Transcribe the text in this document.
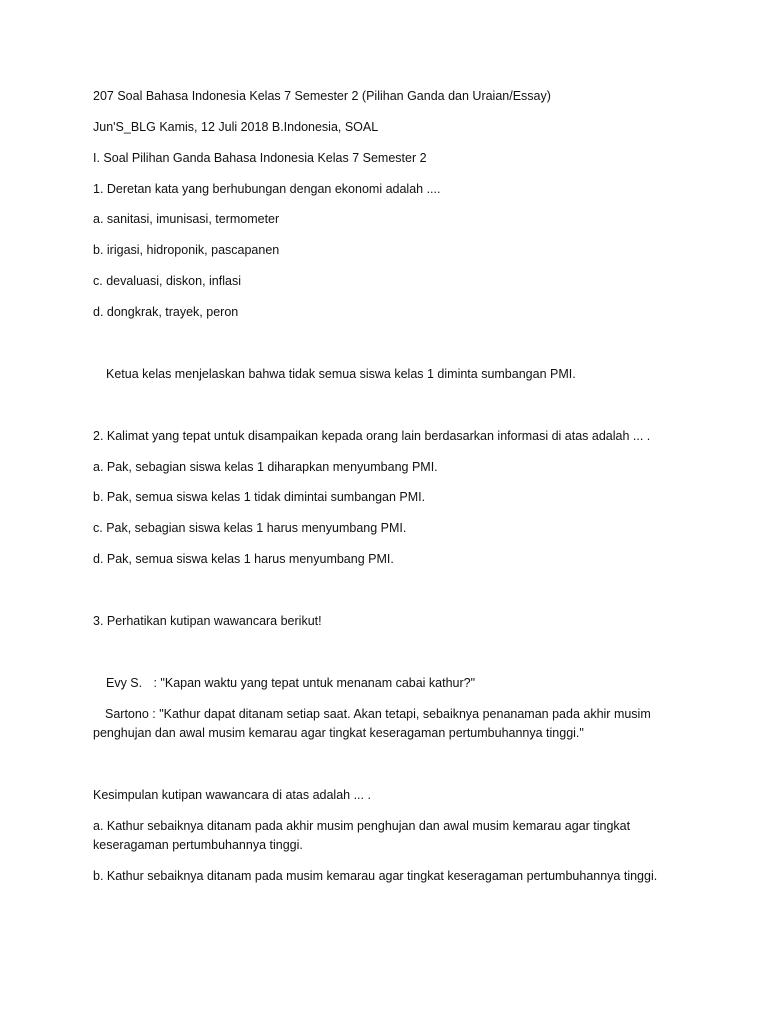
207 Soal Bahasa Indonesia Kelas 7 Semester 2 (Pilihan Ganda dan Uraian/Essay)
Jun'S_BLG Kamis, 12 Juli 2018 B.Indonesia, SOAL
I. Soal Pilihan Ganda Bahasa Indonesia Kelas 7 Semester 2
1. Deretan kata yang berhubungan dengan ekonomi adalah ....
a. sanitasi, imunisasi, termometer
b. irigasi, hidroponik, pascapanen
c. devaluasi, diskon, inflasi
d. dongkrak, trayek, peron
Ketua kelas menjelaskan bahwa tidak semua siswa kelas 1 diminta sumbangan PMI.
2. Kalimat yang tepat untuk disampaikan kepada orang lain berdasarkan informasi di atas adalah ... .
a. Pak, sebagian siswa kelas 1 diharapkan menyumbang PMI.
b. Pak, semua siswa kelas 1 tidak dimintai sumbangan PMI.
c. Pak, sebagian siswa kelas 1 harus menyumbang PMI.
d. Pak, semua siswa kelas 1 harus menyumbang PMI.
3. Perhatikan kutipan wawancara berikut!
Evy S. : "Kapan waktu yang tepat untuk menanam cabai kathur?"
Sartono : "Kathur dapat ditanam setiap saat. Akan tetapi, sebaiknya penanaman pada akhir musim penghujan dan awal musim kemarau agar tingkat keseragaman pertumbuhannya tinggi."
Kesimpulan kutipan wawancara di atas adalah ... .
a. Kathur sebaiknya ditanam pada akhir musim penghujan dan awal musim kemarau agar tingkat keseragaman pertumbuhannya tinggi.
b. Kathur sebaiknya ditanam pada musim kemarau agar tingkat keseragaman pertumbuhannya tinggi.
